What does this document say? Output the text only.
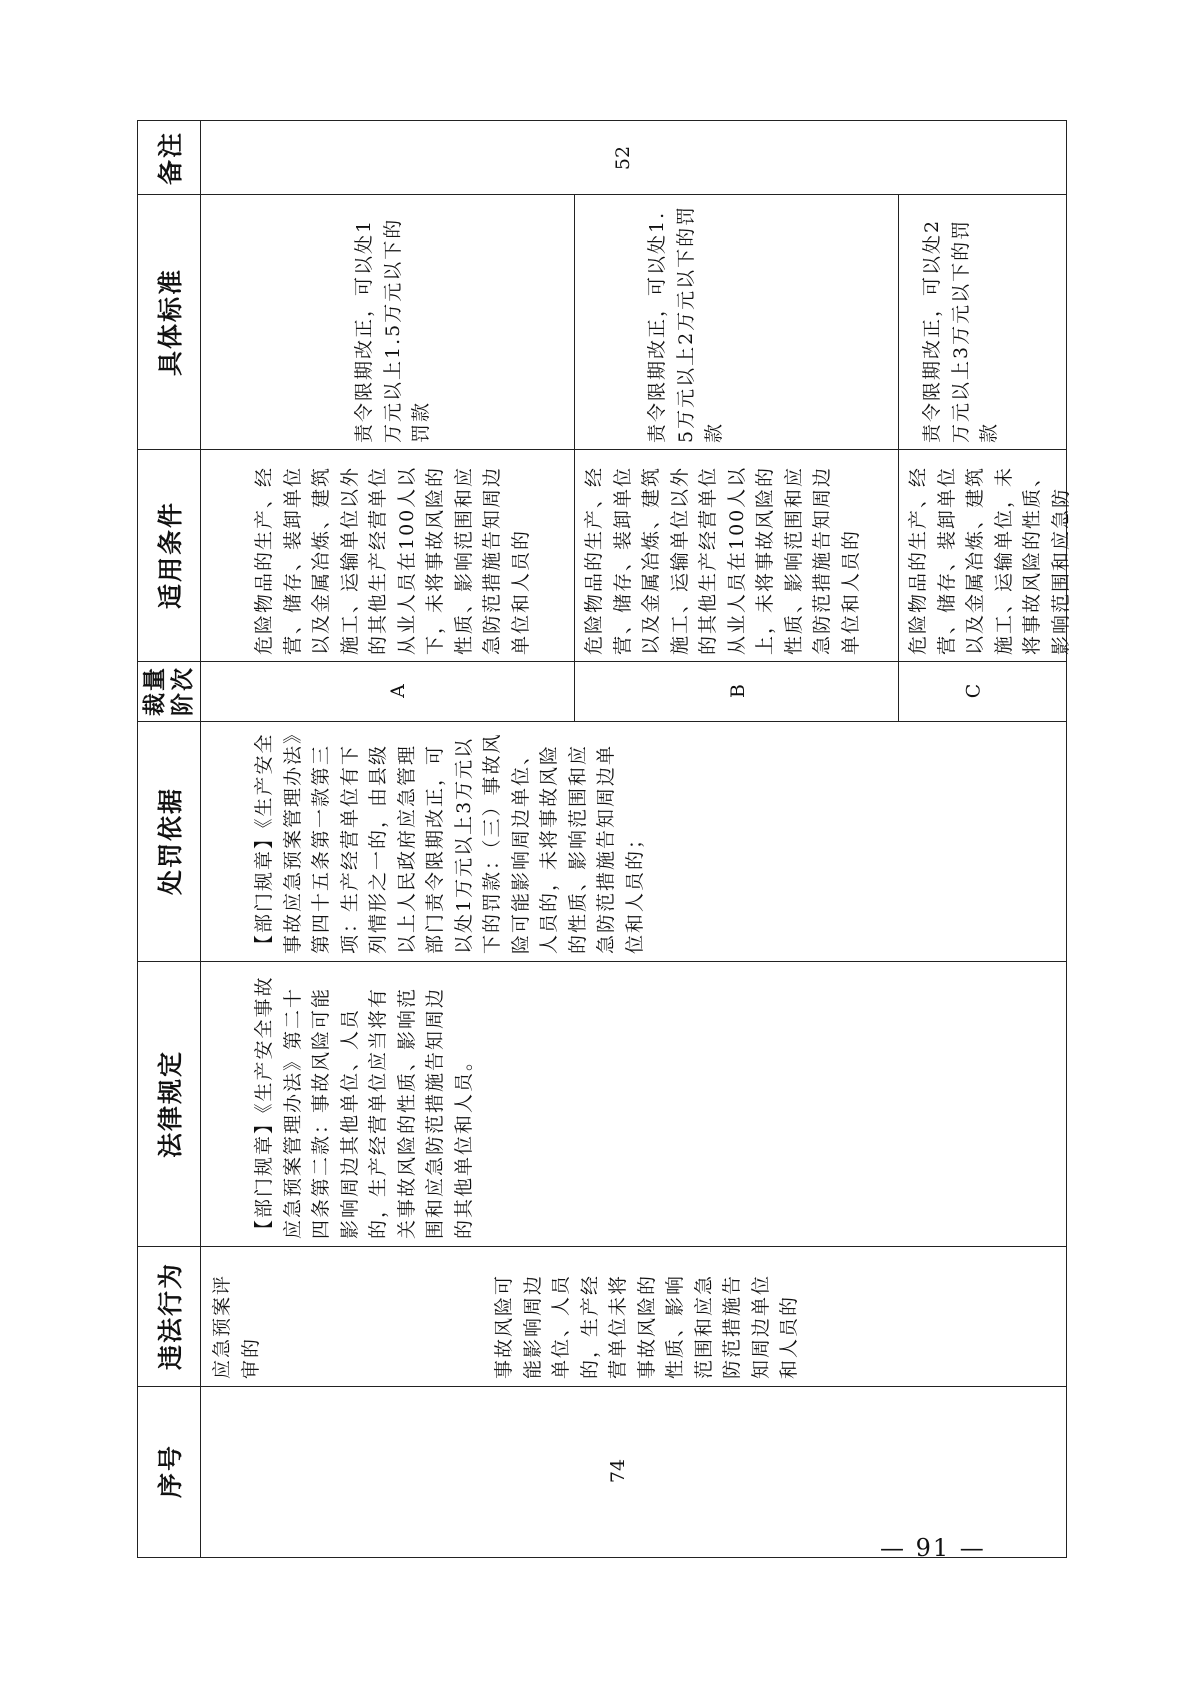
备注
具体标准
适用条件
裁量
阶次
处罚依据
法律规定
违法行为
序号
应急预案评审的
52
74
事故风险可能影响周边单位、人员的，生产经营单位未将事故风险的性质、影响范围和应急防范措施告知周边单位和人员的
【部门规章】《生产安全事故应急预案管理办法》第二十四条第二款：事故风险可能影响周边其他单位、人员的，生产经营单位应当将有关事故风险的性质、影响范围和应急防范措施告知周边的其他单位和人员。
【部门规章】《生产安全事故应急预案管理办法》第四十五条第一款第三项：生产经营单位有下列情形之一的，由县级以上人民政府应急管理部门责令限期改正，可以处1万元以上3万元以下的罚款：（三）事故风险可能影响周边单位、人员的，未将事故风险的性质、影响范围和应急防范措施告知周边单位和人员的；
A
危险物品的生产、经营、储存、装卸单位以及金属冶炼、建筑施工、运输单位以外的其他生产经营单位从业人员在100人以下，未将事故风险的性质、影响范围和应急防范措施告知周边单位和人员的
责令限期改正，可以处1万元以上1.5万元以下的罚款
B
危险物品的生产、经营、储存、装卸单位以及金属冶炼、建筑施工、运输单位以外的其他生产经营单位从业人员在100人以上，未将事故风险的性质、影响范围和应急防范措施告知周边单位和人员的
责令限期改正，可以处1.5万元以上2万元以下的罚款
C
危险物品的生产、经营、储存、装卸单位以及金属冶炼、建筑施工、运输单位，未将事故风险的性质、影响范围和应急防
责令限期改正，可以处2万元以上3万元以下的罚款
— 91 —
